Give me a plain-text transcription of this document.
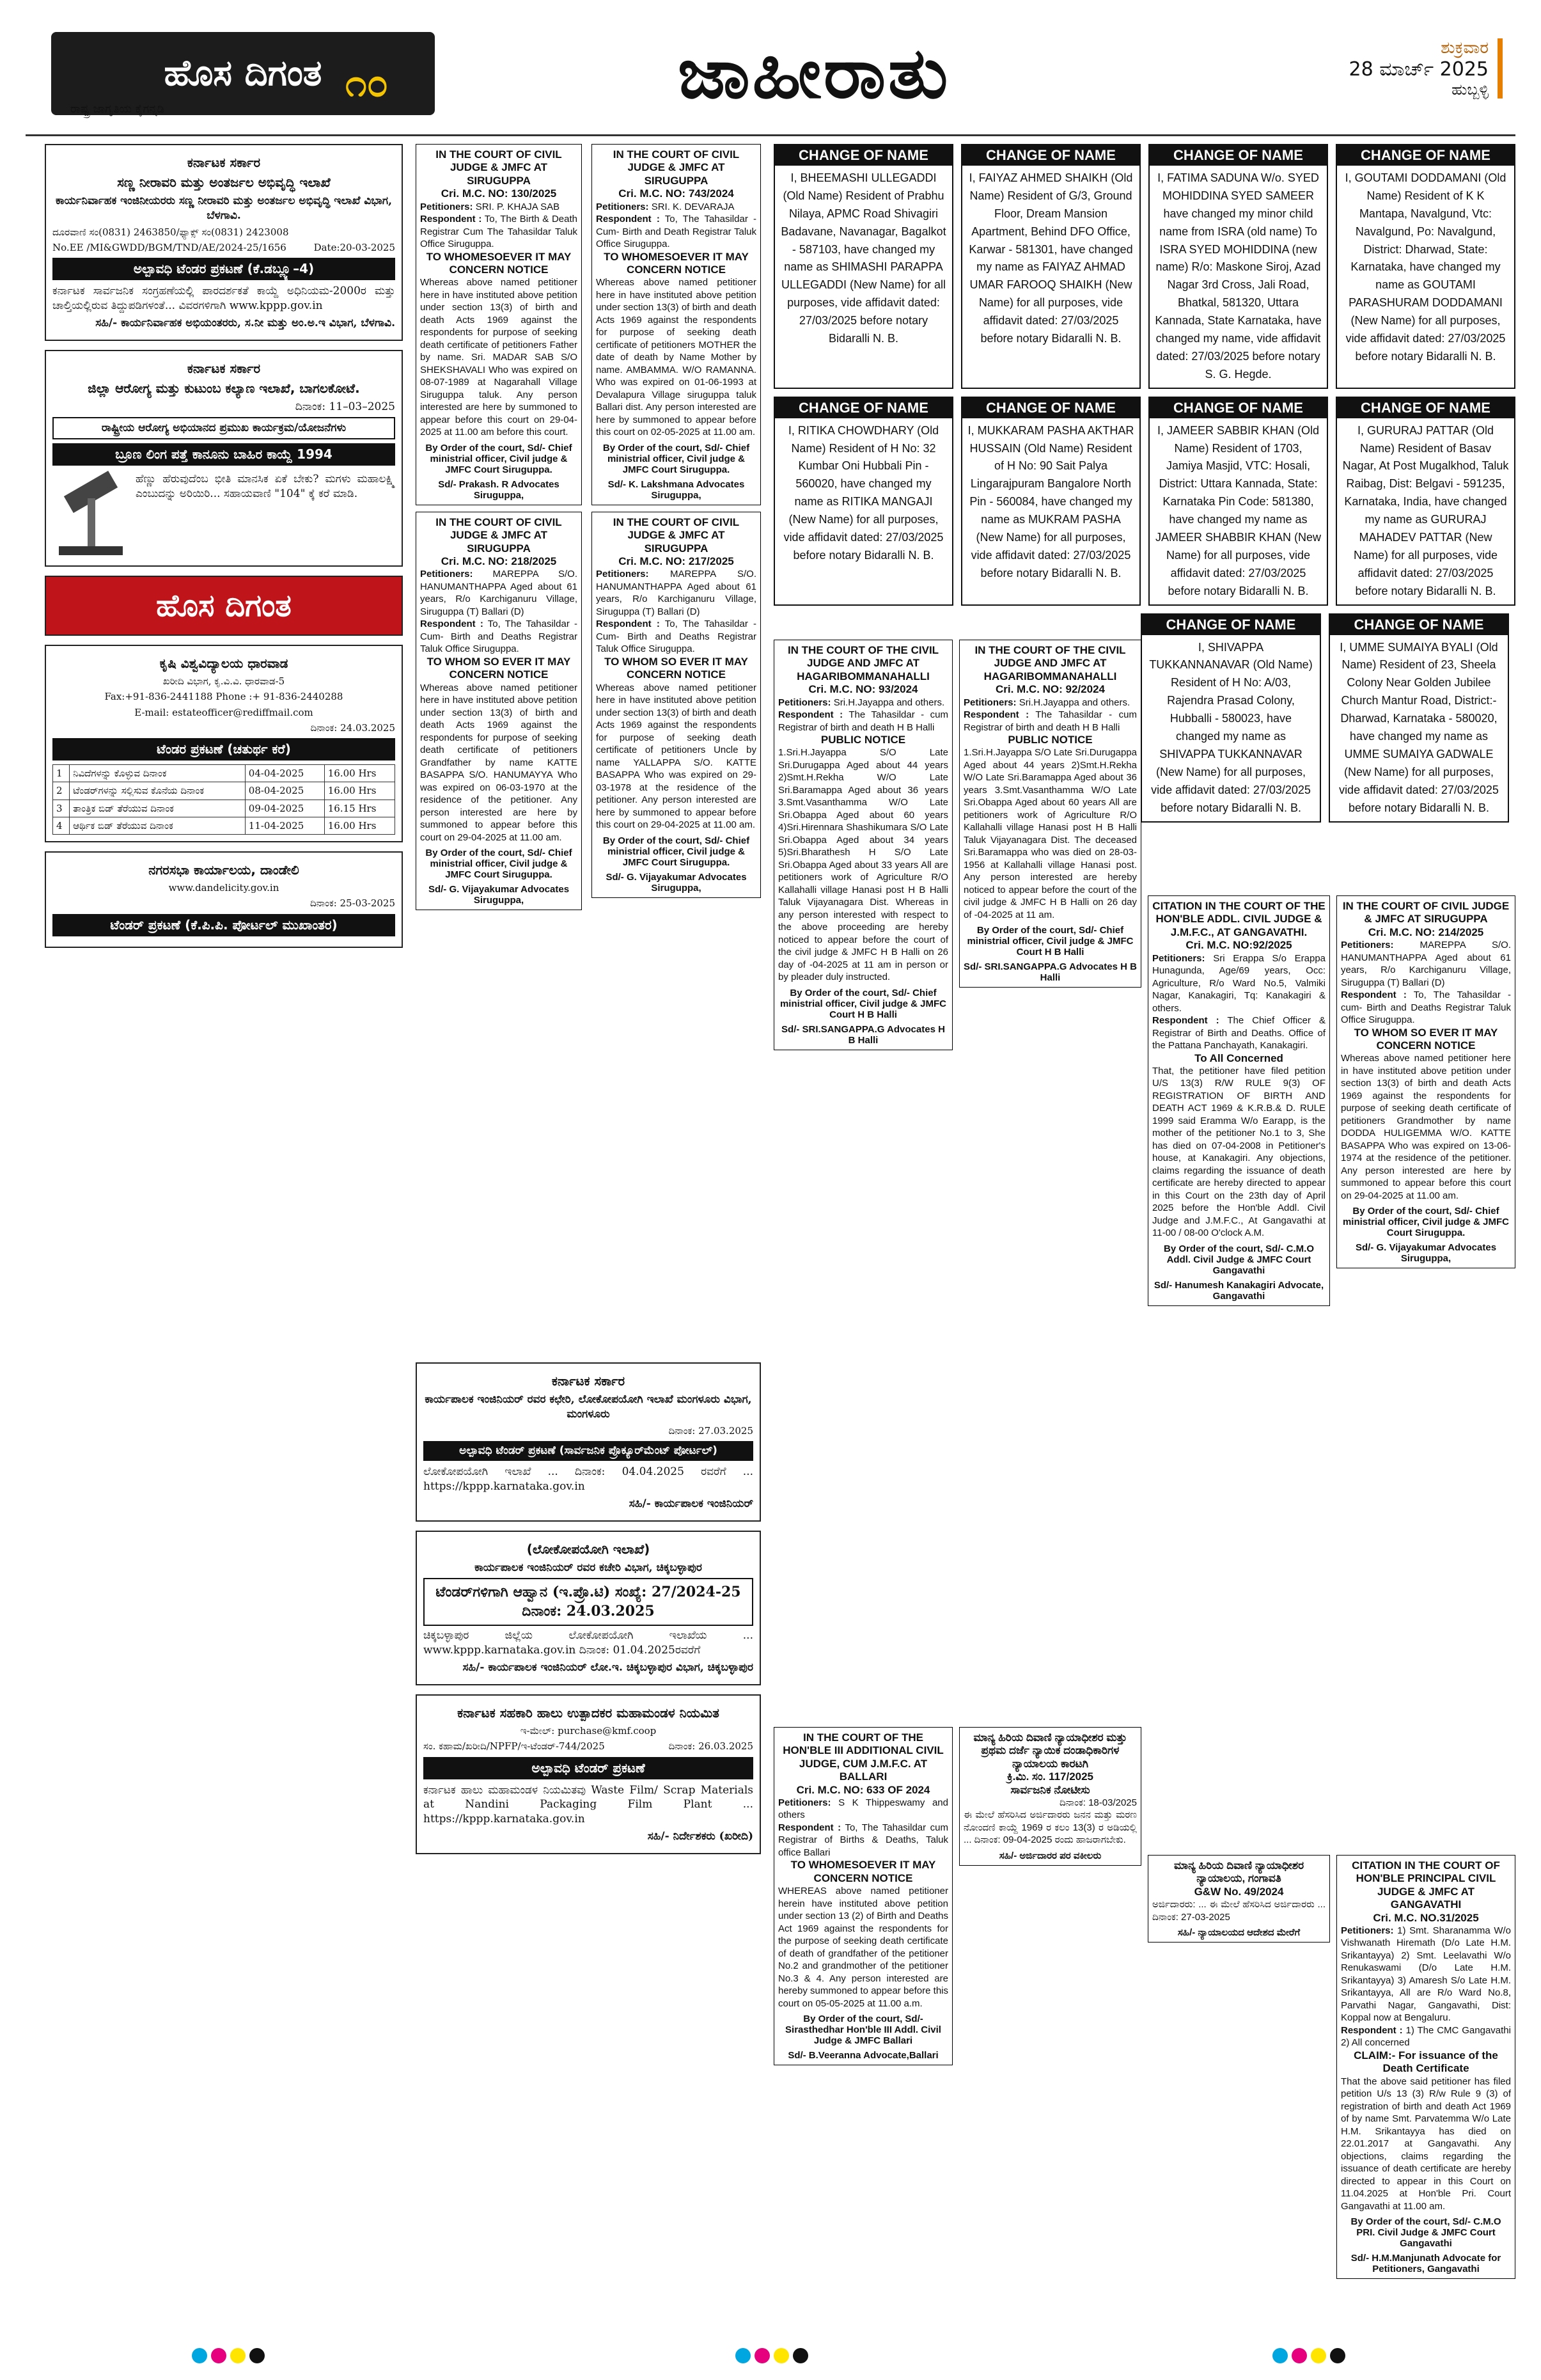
ಹೊಸ ದಿಗಂತ
ರಾಷ್ಟ್ರ ಜಾಗೃತಿಯ ಕೈಗನ್ನಡಿ
೧೦	ಜಾಹೀರಾತು	ಶುಕ್ರವಾರ
28 ಮಾರ್ಚ್ 2025
ಹುಬ್ಬಳ್ಳಿ
ಕರ್ನಾಟಕ ಸರ್ಕಾರ
ಸಣ್ಣ ನೀರಾವರಿ ಮತ್ತು ಅಂತರ್ಜಲ ಅಭಿವೃದ್ಧಿ ಇಲಾಖೆ

ಕಾರ್ಯನಿರ್ವಾಹಕ ಇಂಜಿನೀಯರರು ಸಣ್ಣ ನೀರಾವರಿ ಮತ್ತು ಅಂತರ್ಜಲ ಅಭಿವೃದ್ಧಿ ಇಲಾಖೆ ವಿಭಾಗ, ಬೆಳಗಾವಿ.

ದೂರವಾಣಿ ಸಂ(0831) 2463850/ಫ್ಯಾಕ್ಸ್ ಸಂ(0831) 2423008

No.EE /MI&GWDD/BGM/TND/AE/2024-25/1656	Date:20-03-2025

ಅಲ್ಪಾವಧಿ ಟೆಂಡರ ಪ್ರಕಟಣೆ (ಕೆ.ಡಬ್ಲ್ಯೂ–4)

ಕರ್ನಾಟಕ ಸಾರ್ವಜನಿಕ ಸಂಗ್ರಹಣೆಯಲ್ಲಿ ಪಾರದರ್ಶಕತೆ ಕಾಯ್ದೆ ಅಧಿನಿಯಮ-2000ರ ಮತ್ತು ಚಾಲ್ತಿಯಲ್ಲಿರುವ ತಿದ್ದುಪಡಿಗಳಂತೆ... ವಿವರಗಳಿಗಾಗಿ www.kppp.gov.in

ಸಹಿ/- ಕಾರ್ಯನಿರ್ವಾಹಕ ಅಭಿಯಂತರರು, ಸ.ನೀ ಮತ್ತು ಅಂ.ಅ.ಇ ವಿಭಾಗ, ಬೆಳಗಾವಿ.

ಕರ್ನಾಟಕ ಸರ್ಕಾರ
ಜಿಲ್ಲಾ ಆರೋಗ್ಯ ಮತ್ತು ಕುಟುಂಬ ಕಲ್ಯಾಣ ಇಲಾಖೆ, ಬಾಗಲಕೋಟೆ.

ದಿನಾಂಕ: 11–03–2025

ರಾಷ್ಟ್ರೀಯ ಆರೋಗ್ಯ ಅಭಿಯಾನದ ಪ್ರಮುಖ ಕಾರ್ಯಕ್ರಮ/ಯೋಜನೆಗಳು
ಬ್ರೂಣ ಲಿಂಗ ಪತ್ತೆ ಕಾನೂನು ಬಾಹಿರ ಕಾಯ್ದೆ 1994

ಹೆಣ್ಣು ಹೆರುವುದೆಂಬ ಭೀತಿ ಮಾನಸಿಕ ಏಕೆ ಬೇಕು? ಮಗಳು ಮಹಾಲಕ್ಷ್ಮಿ ಎಂಬುದನ್ನು ಅರಿಯಿರಿ... ಸಹಾಯವಾಣಿ "104" ಕ್ಕೆ ಕರೆ ಮಾಡಿ.

ಹೊಸ ದಿಗಂತ
ಕೃಷಿ ವಿಶ್ವವಿದ್ಯಾಲಯ ಧಾರವಾಡ

ಖರೀದಿ ವಿಭಾಗ, ಕೃ.ವಿ.ವಿ. ಧಾರವಾಡ-5

Fax:+91-836-2441188 Phone :+ 91-836-2440288

E-mail: estateofficer@rediffmail.com

ದಿನಾಂಕ: 24.03.2025

ಟೆಂಡರ ಪ್ರಕಟಣೆ (ಚತುರ್ಥ ಕರೆ)
1	ನಿವಿದೆಗಳನ್ನು ಕೊಳ್ಳುವ ದಿನಾಂಕ	04-04-2025	16.00 Hrs
2	ಟೆಂಡರ್‌ಗಳನ್ನು ಸಲ್ಲಿಸುವ ಕೊನೆಯ ದಿನಾಂಕ	08-04-2025	16.00 Hrs
3	ತಾಂತ್ರಿಕ ಬಿಡ್ ತೆರೆಯುವ ದಿನಾಂಕ	09-04-2025	16.15 Hrs
4	ಆರ್ಥಿಕ ಬಿಡ್ ತೆರೆಯುವ ದಿನಾಂಕ	11-04-2025	16.00 Hrs
ನಗರಸಭಾ ಕಾರ್ಯಾಲಯ, ದಾಂಡೇಲಿ

www.dandelicity.gov.in

ದಿನಾಂಕ: 25-03-2025

ಟೆಂಡರ್ ಪ್ರಕಟಣೆ (ಕೆ.ಪಿ.ಪಿ. ಪೋರ್ಟಲ್ ಮುಖಾಂತರ)
IN THE COURT OF CIVIL JUDGE & JMFC AT SIRUGUPPA
Cri. M.C. NO: 130/2025
Petitioners: SRI. P. KHAJA SAB
Respondent : To, The Birth & Death Registrar Cum The Tahasildar Taluk Office Siruguppa.
TO WHOMESOEVER IT MAY CONCERN NOTICE
Whereas above named petitioner here in have instituted above petition under section 13(3) of birth and death Acts 1969 against the respondents for purpose of seeking death certificate of petitioners Father by name. Sri. MADAR SAB S/O SHEKSHAVALI Who was expired on 08-07-1989 at Nagarahall Village Siruguppa taluk. Any person interested are here by summoned to appear before this court on 29-04-2025 at 11.00 am before this court.
By Order of the court, Sd/- Chief ministrial officer, Civil judge & JMFC Court Siruguppa.
Sd/- Prakash. R Advocates Siruguppa,
IN THE COURT OF CIVIL JUDGE & JMFC AT SIRUGUPPA
Cri. M.C. NO: 218/2025
Petitioners: MAREPPA S/O. HANUMANTHAPPA Aged about 61 years, R/o Karchiganuru Village, Siruguppa (T) Ballari (D)
Respondent : To, The Tahasildar - Cum- Birth and Deaths Registrar Taluk Office Siruguppa.
TO WHOM SO EVER IT MAY CONCERN NOTICE
Whereas above named petitioner here in have instituted above petition under section 13(3) of birth and death Acts 1969 against the respondents for purpose of seeking death certificate of petitioners Grandfather by name KATTE BASAPPA S/O. HANUMAYYA Who was expired on 06-03-1970 at the residence of the petitioner. Any person interested are here by summoned to appear before this court on 29-04-2025 at 11.00 am.
By Order of the court, Sd/- Chief ministrial officer, Civil judge & JMFC Court Siruguppa.
Sd/- G. Vijayakumar Advocates Siruguppa,
IN THE COURT OF CIVIL JUDGE & JMFC AT SIRUGUPPA
Cri. M.C. NO: 743/2024
Petitioners: SRI. K. DEVARAJA
Respondent : To, The Tahasildar - Cum- Birth and Death Registrar Taluk Office Siruguppa.
TO WHOMESOEVER IT MAY CONCERN NOTICE
Whereas above named petitioner here in have instituted above petition under section 13(3) of birth and death Acts 1969 against the respondents for purpose of seeking death certificate of petitioners MOTHER the date of death by Name Mother by name. AMBAMMA. W/O RAMANNA. Who was expired on 01-06-1993 at Devalapura Village siruguppa taluk Ballari dist. Any person interested are here by summoned to appear before this court on 02-05-2025 at 11.00 am.
By Order of the court, Sd/- Chief ministrial officer, Civil judge & JMFC Court Siruguppa.
Sd/- K. Lakshmana Advocates Siruguppa,
IN THE COURT OF CIVIL JUDGE & JMFC AT SIRUGUPPA
Cri. M.C. NO: 217/2025
Petitioners: MAREPPA S/O. HANUMANTHAPPA Aged about 61 years, R/o Karchiganuru Village, Siruguppa (T) Ballari (D)
Respondent : To, The Tahasildar - Cum- Birth and Deaths Registrar Taluk Office Siruguppa.
TO WHOM SO EVER IT MAY CONCERN NOTICE
Whereas above named petitioner here in have instituted above petition under section 13(3) of birth and death Acts 1969 against the respondents for purpose of seeking death certificate of petitioners Uncle by name YALLAPPA S/O. KATTE BASAPPA Who was expired on 29-03-1978 at the residence of the petitioner. Any person interested are here by summoned to appear before this court on 29-04-2025 at 11.00 am.
By Order of the court, Sd/- Chief ministrial officer, Civil judge & JMFC Court Siruguppa.
Sd/- G. Vijayakumar Advocates Siruguppa,
ಕರ್ನಾಟಕ ಸರ್ಕಾರ

ಕಾರ್ಯಪಾಲಕ ಇಂಜಿನಿಯರ್ ರವರ ಕಛೇರಿ, ಲೋಕೋಪಯೋಗಿ ಇಲಾಖೆ ಮಂಗಳೂರು ವಿಭಾಗ, ಮಂಗಳೂರು

ದಿನಾಂಕ: 27.03.2025

ಅಲ್ಪಾವಧಿ ಟೆಂಡರ್ ಪ್ರಕಟಣೆ (ಸಾರ್ವಜನಿಕ ಪ್ರೊಕ್ಯೂರ್‌ಮೆಂಟ್ ಪೋರ್ಟಲ್)

ಲೋಕೋಪಯೋಗಿ ಇಲಾಖೆ ... ದಿನಾಂಕ: 04.04.2025 ರವರೆಗೆ ... https://kppp.karnataka.gov.in

ಸಹಿ/- ಕಾರ್ಯಪಾಲಕ ಇಂಜಿನಿಯರ್

(ಲೋಕೋಪಯೋಗಿ ಇಲಾಖೆ)

ಕಾರ್ಯಪಾಲಕ ಇಂಜಿನಿಯರ್ ರವರ ಕಚೇರಿ ವಿಭಾಗ, ಚಿಕ್ಕಬಳ್ಳಾಪುರ

ಟೆಂಡರ್‌ಗಳಿಗಾಗಿ ಆಹ್ವಾನ (ಇ.ಪ್ರೊ.ಟಿ) ಸಂಖ್ಯೆ: 27/2024-25 ದಿನಾಂಕ: 24.03.2025

ಚಿಕ್ಕಬಳ್ಳಾಪುರ ಜಿಲ್ಲೆಯ ಲೋಕೋಪಯೋಗಿ ಇಲಾಖೆಯ ... www.kppp.karnataka.gov.in ದಿನಾಂಕ: 01.04.2025ರವರೆಗೆ

ಸಹಿ/- ಕಾರ್ಯಪಾಲಕ ಇಂಜಿನಿಯರ್ ಲೋ.ಇ. ಚಿಕ್ಕಬಳ್ಳಾಪುರ ವಿಭಾಗ, ಚಿಕ್ಕಬಳ್ಳಾಪುರ

ಕರ್ನಾಟಕ ಸಹಕಾರಿ ಹಾಲು ಉತ್ಪಾದಕರ ಮಹಾಮಂಡಳ ನಿಯಮಿತ

ಇ-ಮೇಲ್: purchase@kmf.coop

ಸಂ. ಕಹಾಮ/ಖರೀದಿ/NPFP/ಇ-ಟೆಂಡರ್-744/2025	ದಿನಾಂಕ: 26.03.2025

ಅಲ್ಪಾವಧಿ ಟೆಂಡರ್ ಪ್ರಕಟಣೆ

ಕರ್ನಾಟಕ ಹಾಲು ಮಹಾಮಂಡಳ ನಿಯಮಿತವು Waste Film/ Scrap Materials at Nandini Packaging Film Plant ... https://kppp.karnataka.gov.in

ಸಹಿ/- ನಿರ್ದೇಶಕರು (ಖರೀದಿ)

CHANGE OF NAME
I, BHEEMASHI ULLEGADDI (Old Name) Resident of Prabhu Nilaya, APMC Road Shivagiri Badavane, Navanagar, Bagalkot - 587103, have changed my name as SHIMASHI PARAPPA ULLEGADDI (New Name) for all purposes, vide affidavit dated: 27/03/2025 before notary Bidaralli N. B.
CHANGE OF NAME
I, FAIYAZ AHMED SHAIKH (Old Name) Resident of G/3, Ground Floor, Dream Mansion Apartment, Behind DFO Office, Karwar - 581301, have changed my name as FAIYAZ AHMAD UMAR FAROOQ SHAIKH (New Name) for all purposes, vide affidavit dated: 27/03/2025 before notary Bidaralli N. B.
CHANGE OF NAME
I, FATIMA SADUNA W/o. SYED MOHIDDINA SYED SAMEER have changed my minor child name from ISRA (old name) To ISRA SYED MOHIDDINA (new name) R/o: Maskone Siroj, Azad Nagar 3rd Cross, Jali Road, Bhatkal, 581320, Uttara Kannada, State Karnataka, have changed my name, vide affidavit dated: 27/03/2025 before notary S. G. Hegde.
CHANGE OF NAME
I, GOUTAMI DODDAMANI (Old Name) Resident of K K Mantapa, Navalgund, Vtc: Navalgund, Po: Navalgund, District: Dharwad, State: Karnataka, have changed my name as GOUTAMI PARASHURAM DODDAMANI (New Name) for all purposes, vide affidavit dated: 27/03/2025 before notary Bidaralli N. B.
CHANGE OF NAME
I, RITIKA CHOWDHARY (Old Name) Resident of H No: 32 Kumbar Oni Hubbali Pin - 560020, have changed my name as RITIKA MANGAJI (New Name) for all purposes, vide affidavit dated: 27/03/2025 before notary Bidaralli N. B.
CHANGE OF NAME
I, MUKKARAM PASHA AKTHAR HUSSAIN (Old Name) Resident of H No: 90 Sait Palya Lingarajpuram Bangalore North Pin - 560084, have changed my name as MUKRAM PASHA (New Name) for all purposes, vide affidavit dated: 27/03/2025 before notary Bidaralli N. B.
CHANGE OF NAME
I, JAMEER SABBIR KHAN (Old Name) Resident of 1703, Jamiya Masjid, VTC: Hosali, District: Uttara Kannada, State: Karnataka Pin Code: 581380, have changed my name as JAMEER SHABBIR KHAN (New Name) for all purposes, vide affidavit dated: 27/03/2025 before notary Bidaralli N. B.
CHANGE OF NAME
I, GURURAJ PATTAR (Old Name) Resident of Basav Nagar, At Post Mugalkhod, Taluk Raibag, Dist: Belgavi - 591235, Karnataka, India, have changed my name as GURURAJ MAHADEV PATTAR (New Name) for all purposes, vide affidavit dated: 27/03/2025 before notary Bidaralli N. B.
CHANGE OF NAME
I, SHIVAPPA TUKKANNANAVAR (Old Name) Resident of H No: A/03, Rajendra Prasad Colony, Hubballi - 580023, have changed my name as SHIVAPPA TUKKANNAVAR (New Name) for all purposes, vide affidavit dated: 27/03/2025 before notary Bidaralli N. B.
CHANGE OF NAME
I, UMME SUMAIYA BYALI (Old Name) Resident of 23, Sheela Colony Near Golden Jubilee Church Mantur Road, District:- Dharwad, Karnataka - 580020, have changed my name as UMME SUMAIYA GADWALE (New Name) for all purposes, vide affidavit dated: 27/03/2025 before notary Bidaralli N. B.
IN THE COURT OF THE CIVIL JUDGE AND JMFC AT HAGARIBOMMANAHALLI
Cri. M.C. NO: 93/2024
Petitioners: Sri.H.Jayappa and others.
Respondent : The Tahasildar - cum Registrar of birth and death H B Halli
PUBLIC NOTICE
1.Sri.H.Jayappa S/O Late Sri.Durugappa Aged about 44 years 2)Smt.H.Rekha W/O Late Sri.Baramappa Aged about 36 years 3.Smt.Vasanthamma W/O Late Sri.Obappa Aged about 60 years 4)Sri.Hirennara Shashikumara S/O Late Sri.Obappa Aged about 34 years 5)Sri.Bharathesh H S/O Late Sri.Obappa Aged about 33 years All are petitioners work of Agriculture R/O Kallahalli village Hanasi post H B Halli Taluk Vijayanagara Dist. Whereas in any person interested with respect to the above proceeding are hereby noticed to appear before the court of the civil judge & JMFC H B Halli on 26 day of -04-2025 at 11 am in person or by pleader duly instructed.
By Order of the court, Sd/- Chief ministrial officer, Civil judge & JMFC Court H B Halli
Sd/- SRI.SANGAPPA.G Advocates H B Halli
IN THE COURT OF THE CIVIL JUDGE AND JMFC AT HAGARIBOMMANAHALLI
Cri. M.C. NO: 92/2024
Petitioners: Sri.H.Jayappa and others.
Respondent : The Tahasildar - cum Registrar of birth and death H B Halli
PUBLIC NOTICE
1.Sri.H.Jayappa S/O Late Sri.Durugappa Aged about 44 years 2)Smt.H.Rekha W/O Late Sri.Baramappa Aged about 36 years 3.Smt.Vasanthamma W/O Late Sri.Obappa Aged about 60 years All are petitioners work of Agriculture R/O Kallahalli village Hanasi post H B Halli Taluk Vijayanagara Dist. The deceased Sri.Baramappa who was died on 28-03-1956 at Kallahalli village Hanasi post. Any person interested are hereby noticed to appear before the court of the civil judge & JMFC H B Halli on 26 day of -04-2025 at 11 am.
By Order of the court, Sd/- Chief ministrial officer, Civil judge & JMFC Court H B Halli
Sd/- SRI.SANGAPPA.G Advocates H B Halli
IN THE COURT OF THE HON'BLE III ADDITIONAL CIVIL JUDGE, CUM J.M.F.C. AT BALLARI
Cri. M.C. NO: 633 OF 2024
Petitioners: S K Thippeswamy and others
Respondent : To, The Tahasildar cum Registrar of Births & Deaths, Taluk office Ballari
TO WHOMESOEVER IT MAY CONCERN NOTICE
WHEREAS above named petitioner herein have instituted above petition under section 13 (2) of Birth and Deaths Act 1969 against the respondents for the purpose of seeking death certificate of death of grandfather of the petitioner No.2 and grandmother of the petitioner No.3 & 4. Any person interested are hereby summoned to appear before this court on 05-05-2025 at 11.00 a.m.
By Order of the court, Sd/- Sirasthedhar Hon'ble III Addl. Civil Judge & JMFC Ballari
Sd/- B.Veeranna Advocate,Ballari
ಮಾನ್ಯ ಹಿರಿಯ ದಿವಾಣಿ ನ್ಯಾಯಾಧೀಶರ ಮತ್ತು ಪ್ರಥಮ ದರ್ಜೆ ನ್ಯಾಯಿಕ ದಂಡಾಧಿಕಾರಿಗಳ ನ್ಯಾಯಾಲಯ ಕಾರಟಗಿ
ಕ್ರಿ.ಮಿ. ಸಂ. 117/2025
ಸಾರ್ವಜನಿಕ ನೋಟೀಸು
ದಿನಾಂಕ: 18-03/2025
ಈ ಮೇಲೆ ಹೆಸರಿಸಿದ ಅರ್ಜಿದಾರರು ಜನನ ಮತ್ತು ಮರಣ ನೋಂದಣಿ ಕಾಯ್ದೆ 1969 ರ ಕಲಂ 13(3) ರ ಅಡಿಯಲ್ಲಿ ... ದಿನಾಂಕ: 09-04-2025 ರಂದು ಹಾಜರಾಗಬೇಕು.
ಸಹಿ/- ಅರ್ಜಿದಾರರ ಪರ ವಕೀಲರು
CITATION IN THE COURT OF THE HON'BLE ADDL. CIVIL JUDGE & J.M.F.C., AT GANGAVATHI.
Cri. M.C. NO:92/2025
Petitioners: Sri Erappa S/o Erappa Hunagunda, Age/69 years, Occ: Agriculture, R/o Ward No.5, Valmiki Nagar, Kanakagiri, Tq: Kanakagiri & others.
Respondent : The Chief Officer & Registrar of Birth and Deaths. Office of the Pattana Panchayath, Kanakagiri.
To All Concerned
That, the petitioner have filed petition U/S 13(3) R/W RULE 9(3) OF REGISTRATION OF BIRTH AND DEATH ACT 1969 & K.R.B.& D. RULE 1999 said Eramma W/o Earapp, is the mother of the petitioner No.1 to 3, She has died on 07-04-2008 in Petitioner's house, at Kanakagiri. Any objections, claims regarding the issuance of death certificate are hereby directed to appear in this Court on the 23th day of April 2025 before the Hon'ble Addl. Civil Judge and J.M.F.C., At Gangavathi at 11-00 / 08-00 O'clock A.M.
By Order of the court, Sd/- C.M.O Addl. Civil Judge & JMFC Court Gangavathi
Sd/- Hanumesh Kanakagiri Advocate, Gangavathi
ಮಾನ್ಯ ಹಿರಿಯ ದಿವಾಣಿ ನ್ಯಾಯಾಧೀಶರ ನ್ಯಾಯಾಲಯ, ಗಂಗಾವತಿ
G&W No. 49/2024
ಅರ್ಜಿದಾರರು: ... ಈ ಮೇಲೆ ಹೆಸರಿಸಿದ ಅರ್ಜಿದಾರರು ... ದಿನಾಂಕ: 27-03-2025
ಸಹಿ/- ನ್ಯಾಯಾಲಯದ ಆದೇಶದ ಮೇರೆಗೆ
IN THE COURT OF CIVIL JUDGE & JMFC AT SIRUGUPPA
Cri. M.C. NO: 214/2025
Petitioners:	MAREPPA S/O. HANUMANTHAPPA Aged about 61 years, R/o Karchiganuru Village, Siruguppa (T) Ballari (D)
Respondent : To, The Tahasildar - cum- Birth and Deaths Registrar Taluk Office Siruguppa.
TO WHOM SO EVER IT MAY CONCERN NOTICE
Whereas above named petitioner here in have instituted above petition under section 13(3) of birth and death Acts 1969 against the respondents for purpose of seeking death certificate of petitioners Grandmother by name DODDA HULIGEMMA W/O. KATTE BASAPPA Who was expired on 13-06-1974 at the residence of the petitioner. Any person interested are here by summoned to appear before this court on 29-04-2025 at 11.00 am.
By Order of the court, Sd/- Chief ministrial officer, Civil judge & JMFC Court Siruguppa.
Sd/- G. Vijayakumar Advocates Siruguppa,
CITATION IN THE COURT OF HON'BLE PRINCIPAL CIVIL JUDGE & JMFC AT GANGAVATHI
Cri. M.C. NO.31/2025
Petitioners: 1) Smt. Sharanamma W/o Vishwanath Hiremath (D/o Late H.M. Srikantayya) 2) Smt. Leelavathi W/o Renukaswami (D/o Late H.M. Srikantayya) 3) Amaresh S/o Late H.M. Srikantayya, All are R/o Ward No.8, Parvathi Nagar, Gangavathi, Dist: Koppal now at Bengaluru.
Respondent : 1) The CMC Gangavathi 2) All concerned
CLAIM:- For issuance of the Death Certificate
That the above said petitioner has filed petition U/s 13 (3) R/w Rule 9 (3) of registration of birth and death Act 1969 of by name Smt. Parvatemma W/o Late H.M. Srikantayya has died on 22.01.2017 at Gangavathi. Any objections, claims regarding the issuance of death certificate are hereby directed to appear in this Court on 11.04.2025 at Hon'ble Pri. Court Gangavathi at 11.00 am.
By Order of the court, Sd/- C.M.O PRI. Civil Judge & JMFC Court Gangavathi
Sd/- H.M.Manjunath Advocate for Petitioners, Gangavathi
